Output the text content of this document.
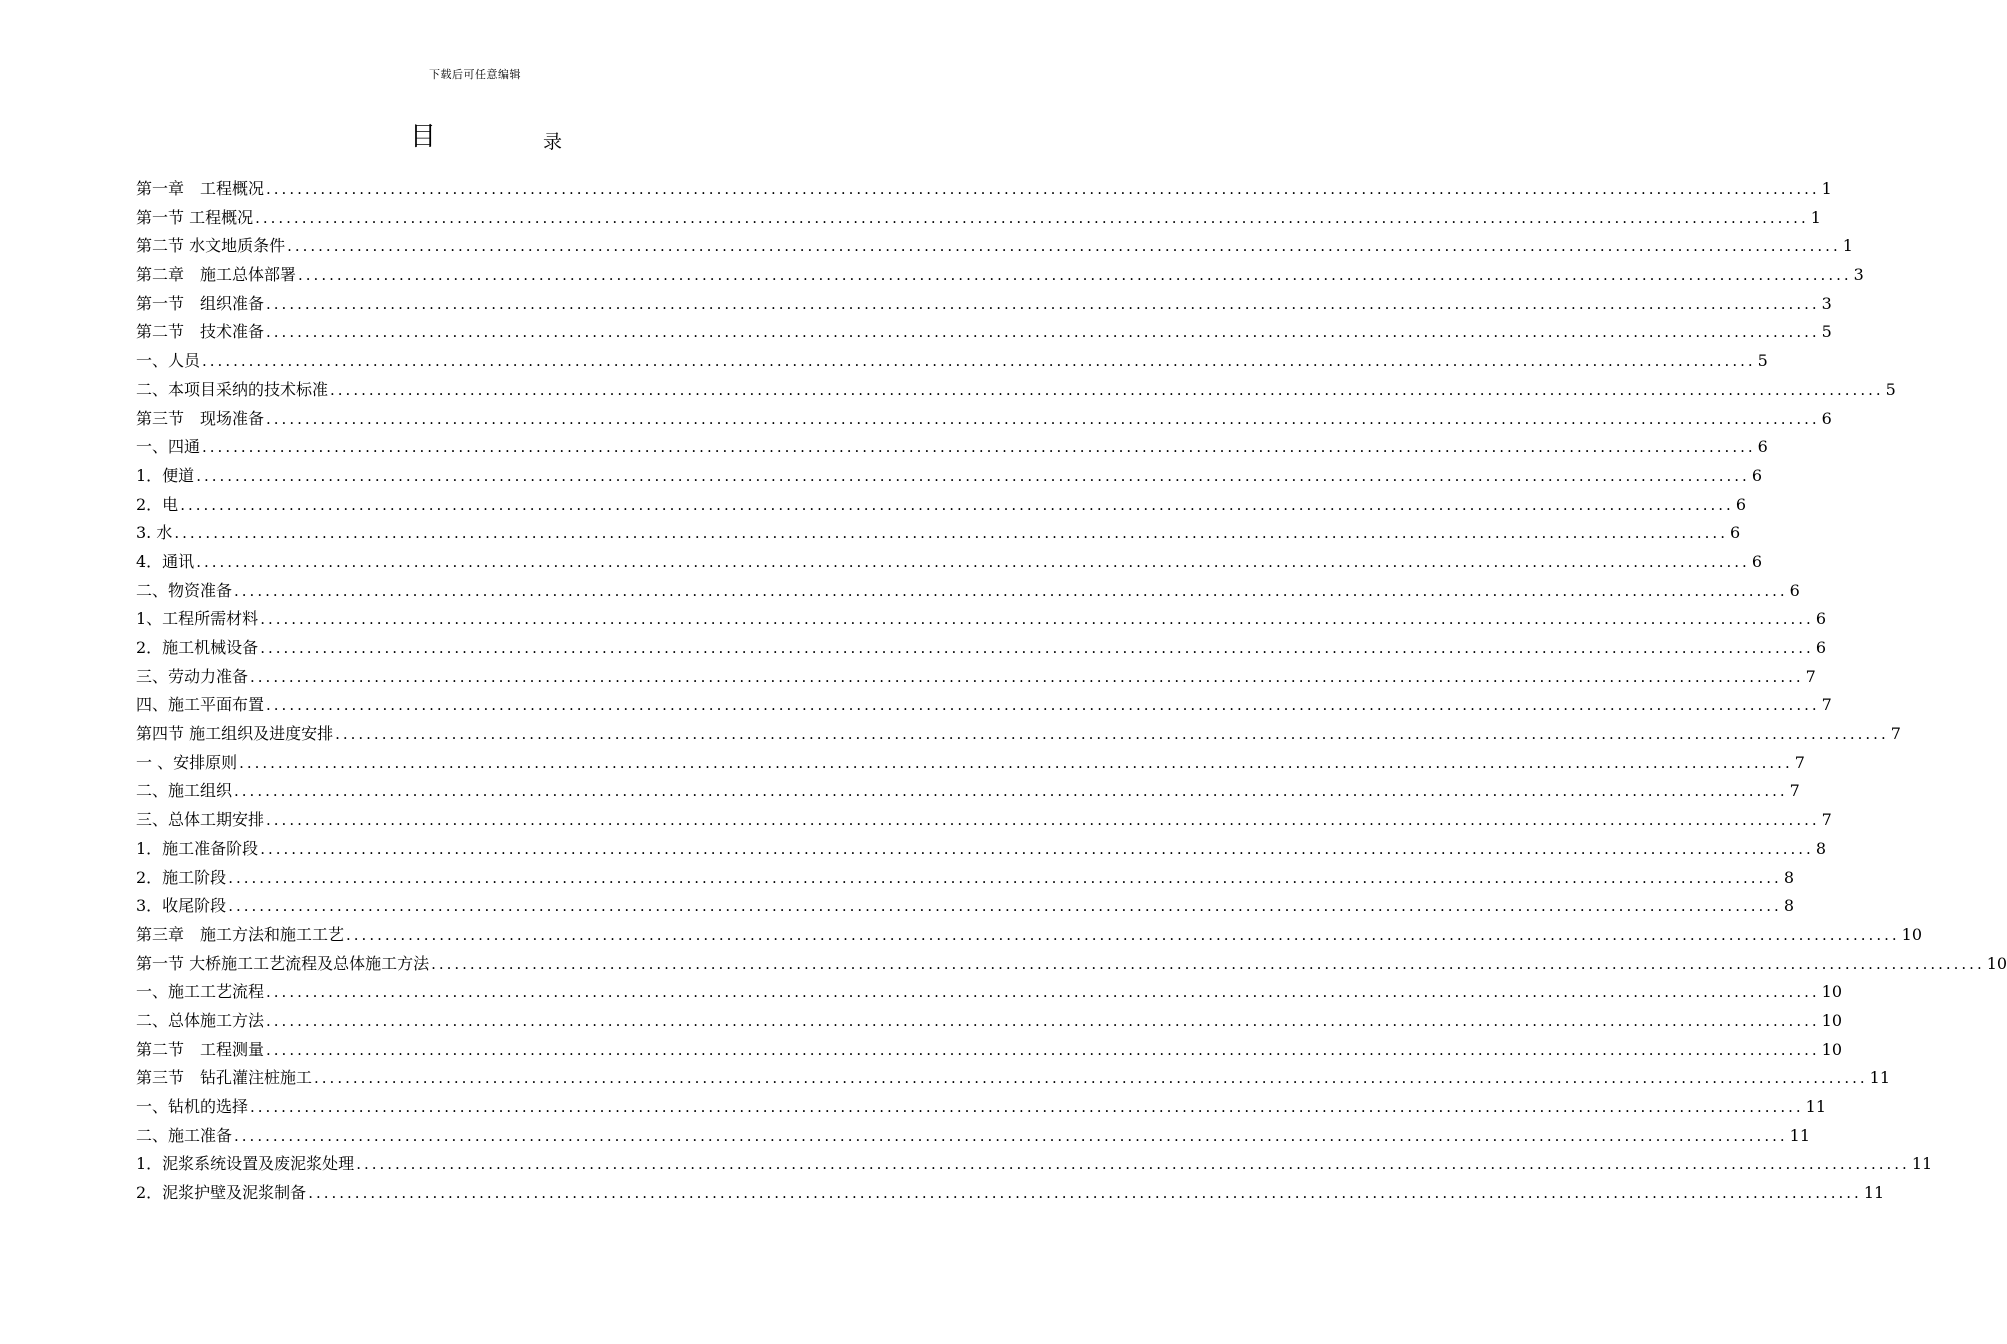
下载后可任意编辑
目	录
第一章　工程概况 ........................................................................................................................................................................................................ 1
第一节 工程概况 ........................................................................................................................................................................................................ 1
第二节 水文地质条件 ........................................................................................................................................................................................................ 1
第二章　施工总体部署 ........................................................................................................................................................................................................ 3
第一节　组织准备 ........................................................................................................................................................................................................ 3
第二节　技术准备 ........................................................................................................................................................................................................ 5
一、人员 ........................................................................................................................................................................................................ 5
二、本项目采纳的技术标准 ........................................................................................................................................................................................................ 5
第三节　现场准备 ........................................................................................................................................................................................................ 6
一、四通 ........................................................................................................................................................................................................ 6
1．便道 ........................................................................................................................................................................................................ 6
2．电 ........................................................................................................................................................................................................ 6
3. 水 ........................................................................................................................................................................................................ 6
4．通讯 ........................................................................................................................................................................................................ 6
二、物资准备 ........................................................................................................................................................................................................ 6
1、工程所需材料 ........................................................................................................................................................................................................ 6
2．施工机械设备 ........................................................................................................................................................................................................ 6
三、劳动力准备 ........................................................................................................................................................................................................ 7
四、施工平面布置 ........................................................................................................................................................................................................ 7
第四节 施工组织及进度安排 ........................................................................................................................................................................................................ 7
一 、安排原则 ........................................................................................................................................................................................................ 7
二、施工组织 ........................................................................................................................................................................................................ 7
三、总体工期安排 ........................................................................................................................................................................................................ 7
1．施工准备阶段 ........................................................................................................................................................................................................ 8
2．施工阶段 ........................................................................................................................................................................................................ 8
3．收尾阶段 ........................................................................................................................................................................................................ 8
第三章　施工方法和施工工艺 ........................................................................................................................................................................................................ 10
第一节 大桥施工工艺流程及总体施工方法 ........................................................................................................................................................................................................ 10
一、施工工艺流程 ........................................................................................................................................................................................................ 10
二、总体施工方法 ........................................................................................................................................................................................................ 10
第二节　工程测量 ........................................................................................................................................................................................................ 10
第三节　钻孔灌注桩施工 ........................................................................................................................................................................................................ 11
一、钻机的选择 ........................................................................................................................................................................................................ 11
二、施工准备 ........................................................................................................................................................................................................ 11
1．泥浆系统设置及废泥浆处理 ........................................................................................................................................................................................................ 11
2．泥浆护壁及泥浆制备 ........................................................................................................................................................................................................ 11
